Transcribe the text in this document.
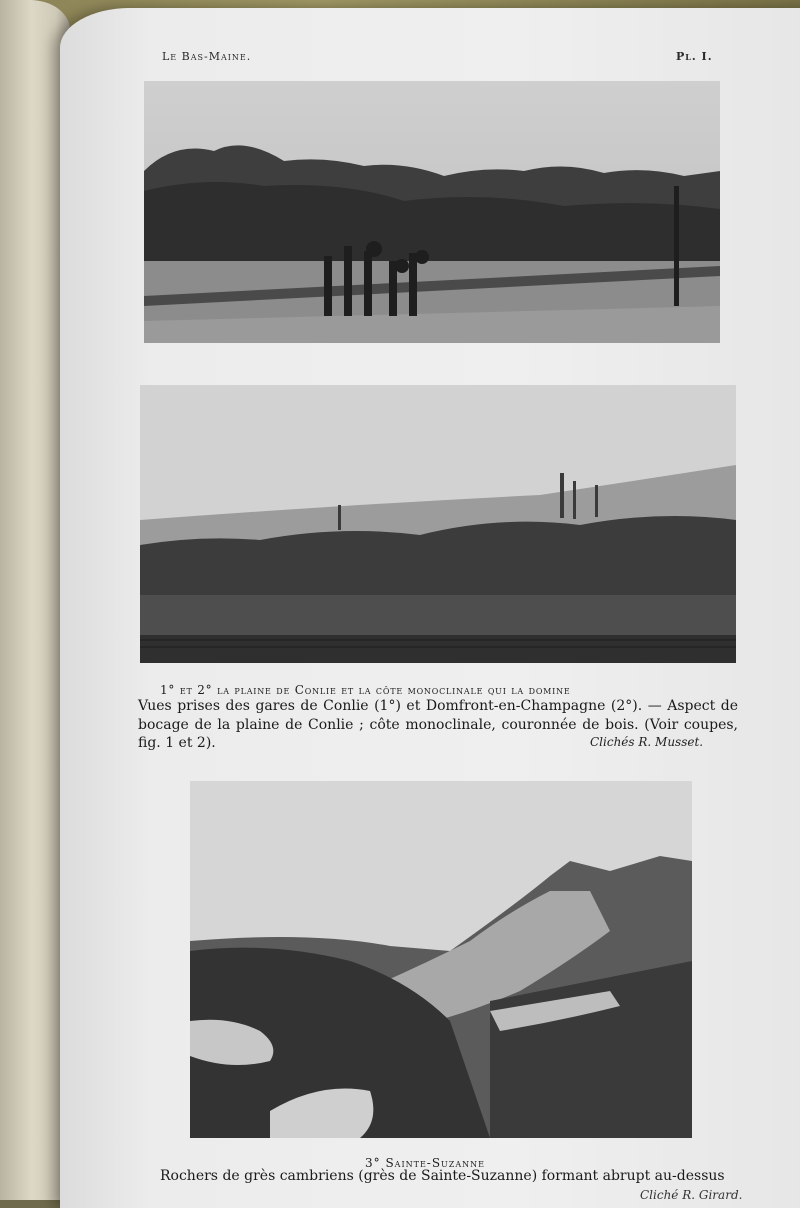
Le Bas-Maine.	Pl. I.
1° et 2° la plaine de Conlie et la côte monoclinale qui la domine
Vues prises des gares de Conlie (1°) et Domfront-en-Champagne (2°). — Aspect de bocage de la plaine de Conlie ; côte monoclinale, couronnée de bois. (Voir coupes, fig. 1 et 2).	Clichés R. Musset.
3° Sainte-Suzanne
Rochers de grès cambriens (grès de Sainte-Suzanne) formant abrupt au-dessus
Cliché R. Girard.
